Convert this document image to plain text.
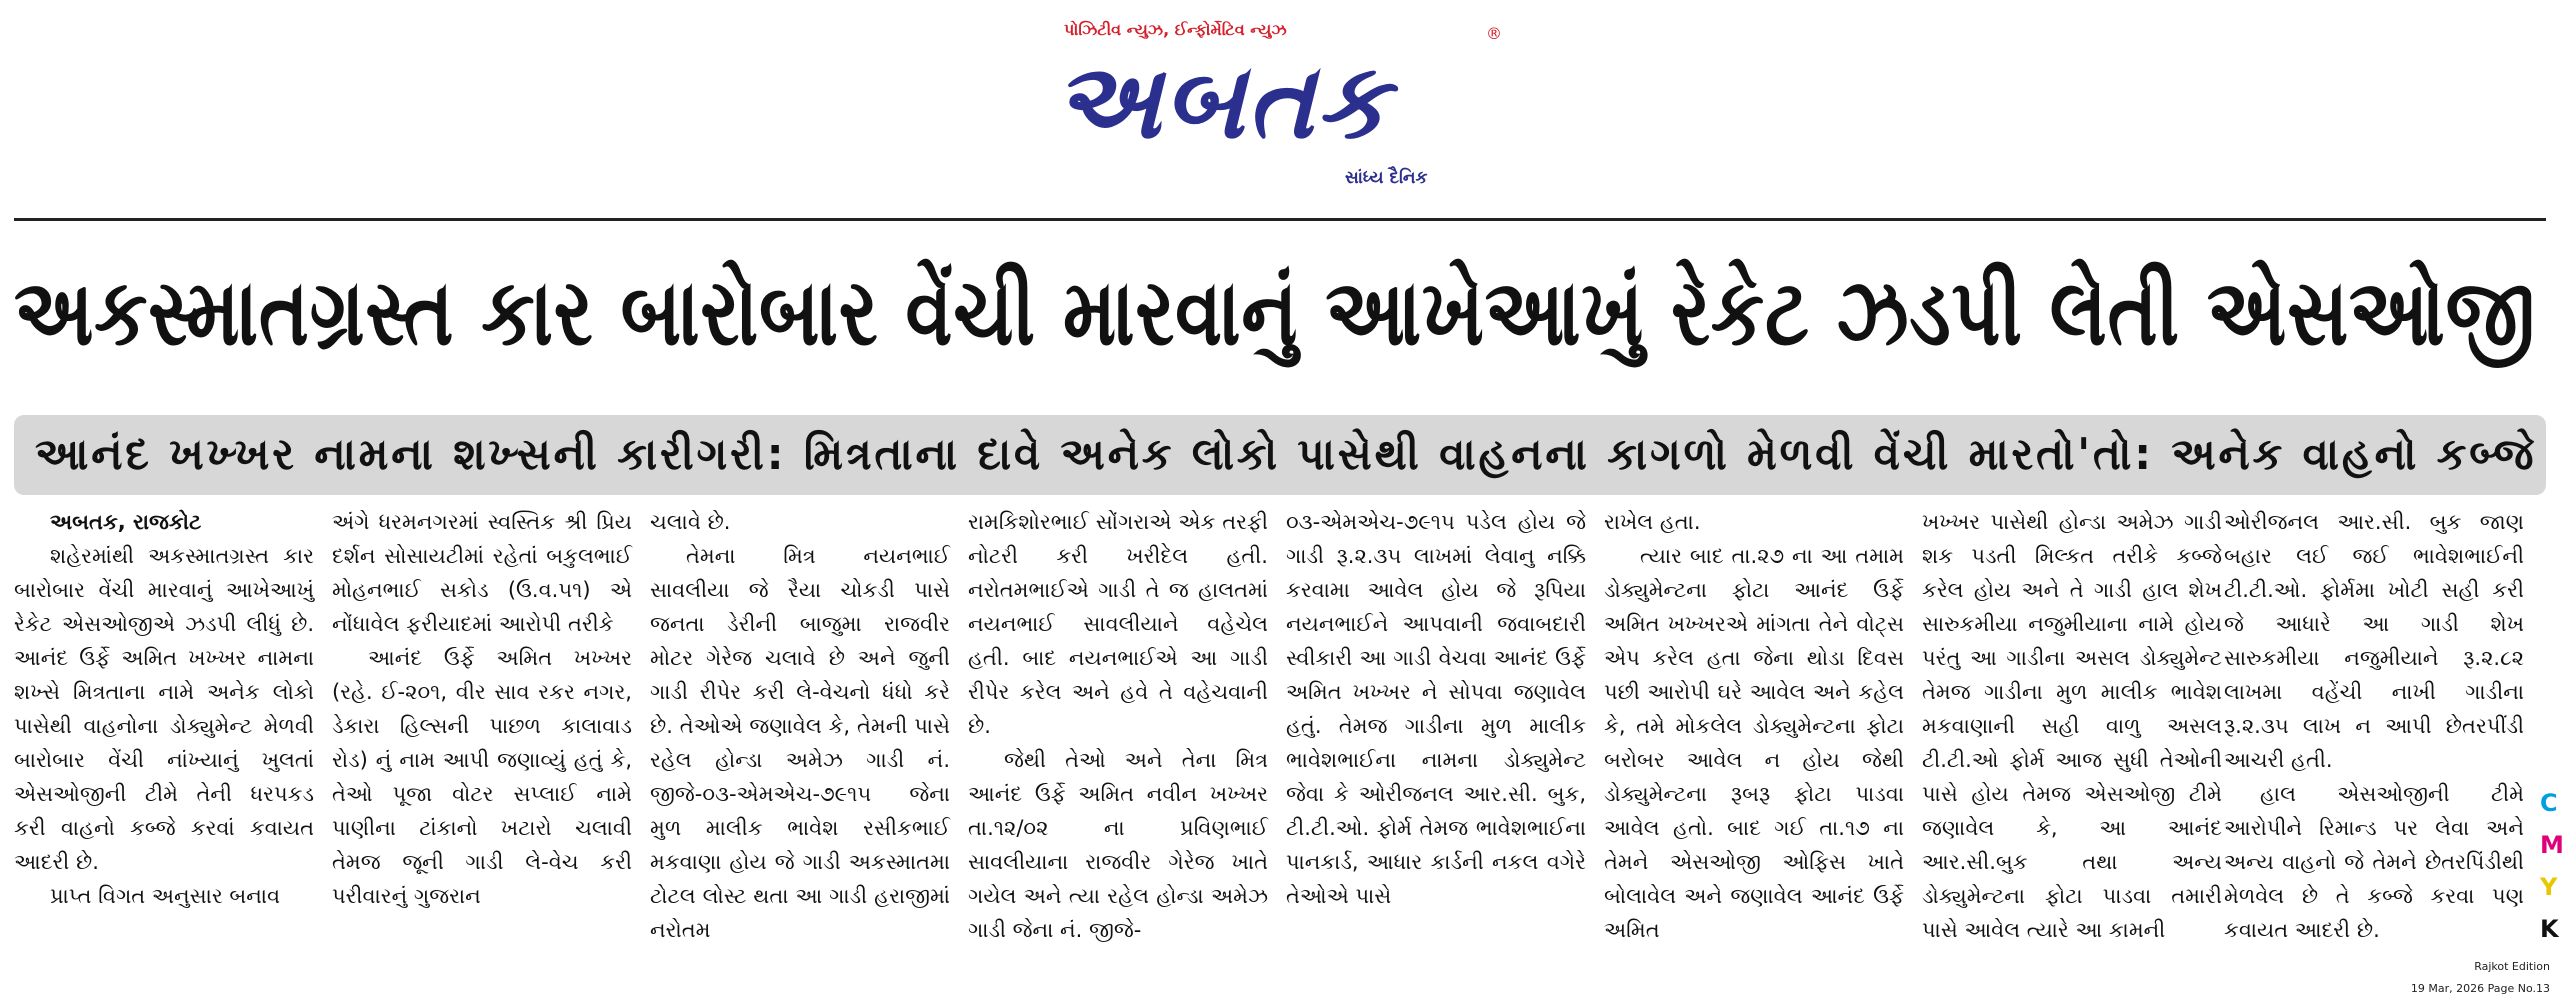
પોઝિટીવ ન્યુઝ, ઈન્ફોર્મેટિવ ન્યુઝ
અબતક
®
સાંધ્ય દૈનિક
અકસ્માતગ્રસ્ત કાર બારોબાર વેંચી મારવાનું આખેઆખું રેકેટ ઝડપી લેતી એસઓજી
આનંદ ખખ્ખર નામના શખ્સની કારીગરી: મિત્રતાના દાવે અનેક લોકો પાસેથી વાહનના કાગળો મેળવી વેંચી મારતો'તો: અનેક વાહનો કબ્જે

અબતક, રાજકોટ

શહેરમાંથી અકસ્માતગ્રસ્ત કાર બારોબાર વેંચી મારવાનું આખેઆખું રેકેટ એસઓજીએ ઝડપી લીધું છે. આનંદ ઉર્ફે અમિત ખખ્ખર નામના શખ્સે મિત્રતાના નામે અનેક લોકો પાસેથી વાહનોના ડોક્યુમેન્ટ મેળવી બારોબાર વેંચી નાંખ્યાનું ખુલતાં એસઓજીની ટીમે તેની ધરપકડ કરી વાહનો કબ્જે કરવાં કવાયત આદરી છે.

પ્રાપ્ત વિગત અનુસાર બનાવ

અંગે ધરમનગરમાં સ્વસ્તિક શ્રી પ્રિય દર્શન સોસાયટીમાં રહેતાં બકુલભાઈ મોહનભાઈ સકોડ (ઉ.વ.૫૧) એ નોંધાવેલ ફરીયાદમાં આરોપી તરીકે

આનંદ ઉર્ફે અમિત ખખ્ખર (રહે. ઈ-૨૦૧, વીર સાવ રકર નગર, ડેકારા હિલ્સની પાછળ કાલાવાડ રોડ) નું નામ આપી જણાવ્યું હતું કે, તેઓ પૂજા વોટર સપ્લાઈ નામે પાણીના ટાંકાનો ખટારો ચલાવી તેમજ જૂની ગાડી લે-વેચ કરી પરીવારનું ગુજરાન

ચલાવે છે.

તેમના મિત્ર નયનભાઈ સાવલીયા જે રૈયા ચોકડી પાસે જનતા ડેરીની બાજુમા રાજવીર મોટર ગેરેજ ચલાવે છે અને જુની ગાડી રીપેર કરી લે-વેચનો ધંધો કરે છે. તેઓએ જણાવેલ કે, તેમની પાસે રહેલ હોન્ડા અમેઝ ગાડી નં. જીજે-૦૩-એમએચ-૭૯૧૫ જેના મુળ માલીક ભાવેશ રસીકભાઈ મકવાણા હોય જે ગાડી અકસ્માતમા ટોટલ લોસ્ટ થતા આ ગાડી હરાજીમાં નરોતમ

રામકિશોરભાઈ સોંગરાએ એક તરફી નોટરી કરી ખરીદેલ હતી. નરોતમભાઈએ ગાડી તે જ હાલતમાં નયનભાઈ સાવલીયાને વહેચેલ હતી. બાદ નયનભાઈએ આ ગાડી રીપેર કરેલ અને હવે તે વહેચવાની છે.

જેથી તેઓ અને તેના મિત્ર આનંદ ઉર્ફે અમિત નવીન ખખ્ખર તા.૧૨/૦૨ ના પ્રવિણભાઈ સાવલીયાના રાજવીર ગેરેજ ખાતે ગયેલ અને ત્યા રહેલ હોન્ડા અમેઝ ગાડી જેના નં. જીજે-

૦૩-એમએચ-૭૯૧૫ પડેલ હોય જે ગાડી રૂ.૨.૩૫ લાખમાં લેવાનુ નક્કિ કરવામા આવેલ હોય જે રૂપિયા નયનભાઈને આપવાની જવાબદારી સ્વીકારી આ ગાડી વેચવા આનંદ ઉર્ફે અમિત ખખ્ખર ને સોપવા જણાવેલ હતું. તેમજ ગાડીના મુળ માલીક ભાવેશભાઈના નામના ડોક્યુમેન્ટ જેવા કે ઓરીજનલ આર.સી. બુક, ટી.ટી.ઓ. ફોર્મ તેમજ ભાવેશભાઈના પાનકાર્ડ, આધાર કાર્ડની નકલ વગેરે તેઓએ પાસે

રાખેલ હતા.

ત્યાર બાદ તા.૨૭ ના આ તમામ ડોક્યુમેન્ટના ફોટા આનંદ ઉર્ફે અમિત ખખ્ખરએ માંગતા તેને વોટ્સ એપ કરેલ હતા જેના થોડા દિવસ પછી આરોપી ઘરે આવેલ અને કહેલ કે, તમે મોકલેલ ડોક્યુમેન્ટના ફોટા બરોબર આવેલ ન હોય જેથી ડોક્યુમેન્ટના રૂબરૂ ફોટા પાડવા આવેલ હતો. બાદ ગઈ તા.૧૭ ના તેમને એસઓજી ઓફિસ ખાતે બોલાવેલ અને જણાવેલ આનંદ ઉર્ફે અમિત

ખખ્ખર પાસેથી હોન્ડા અમેઝ ગાડી શક પડતી મિલ્કત તરીકે કબ્જે કરેલ હોય અને તે ગાડી હાલ શેખ સારુકમીયા નજુમીયાના નામે હોય પરંતુ આ ગાડીના અસલ ડોક્યુમેન્ટ તેમજ ગાડીના મુળ માલીક ભાવેશ મકવાણાની સહી વાળુ અસલ ટી.ટી.ઓ ફોર્મ આજ સુધી તેઓની પાસે હોય તેમજ એસઓજી ટીમે જણાવેલ કે, આ આનંદ આર.સી.બુક તથા અન્ય ડોક્યુમેન્ટના ફોટા પાડવા તમારી પાસે આવેલ ત્યારે આ કામની

ઓરીજનલ આર.સી. બુક જાણ બહાર લઈ જઈ ભાવેશભાઈની ટી.ટી.ઓ. ફોર્મમા ખોટી સહી કરી જે આધારે આ ગાડી શેખ સારુકમીયા નજુમીયાને રૂ.૨.૮૨ લાખમા વહેંચી નાખી ગાડીના રૂ.૨.૩૫ લાખ ન આપી છેતરપીંડી આચરી હતી.

હાલ એસઓજીની ટીમે આરોપીને રિમાન્ડ પર લેવા અને અન્ય વાહનો જે તેમને છેતરપિંડીથી મેળવેલ છે તે કબ્જે કરવા પણ કવાયત આદરી છે.

C
M
Y
K
Rajkot Edition
19 Mar, 2026 Page No.13
